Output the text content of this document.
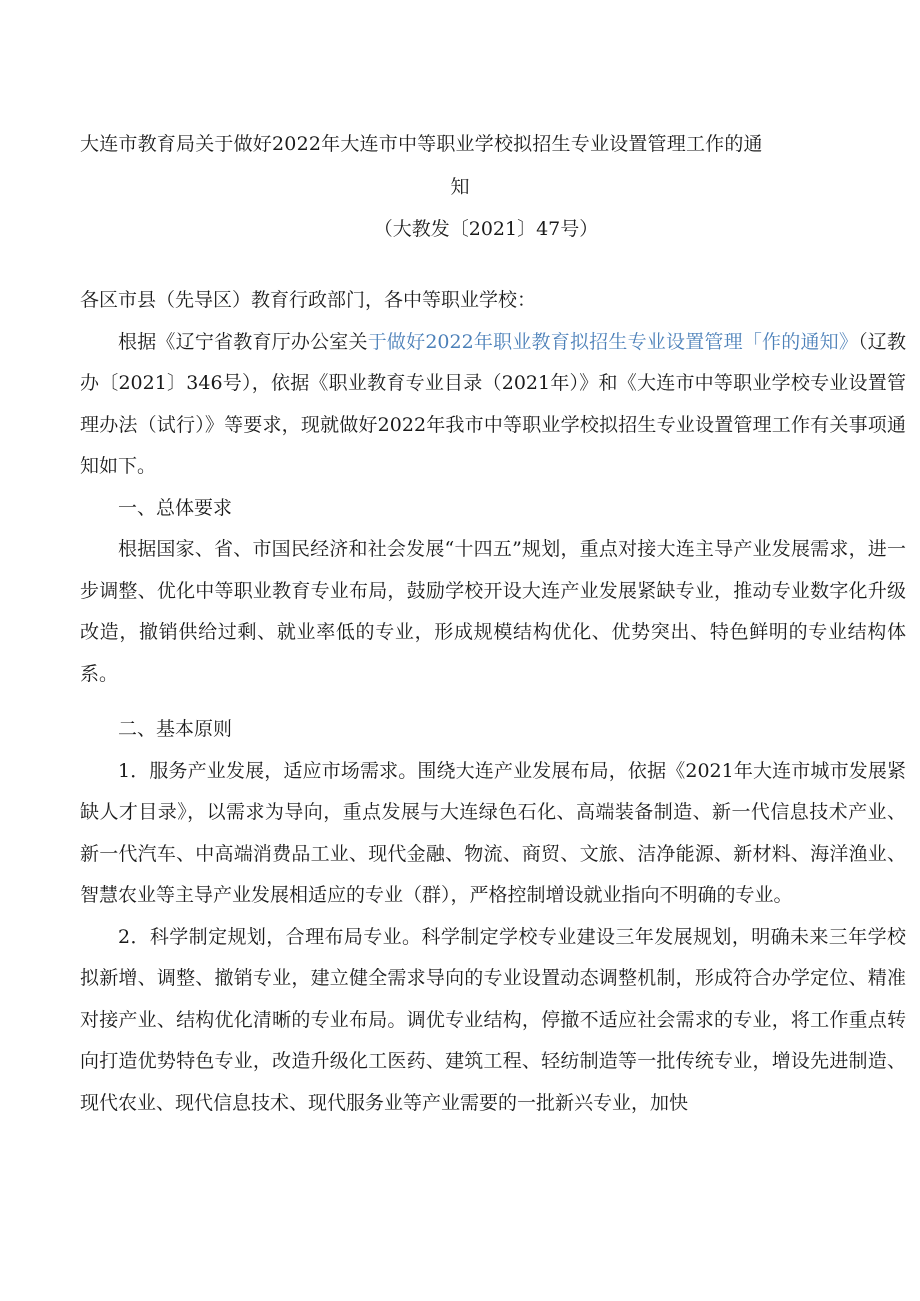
大连市教育局关于做好2022年大连市中等职业学校拟招生专业设置管理工作的通
知
（大教发〔2021〕47号）

各区市县（先导区）教育行政部门，各中等职业学校：

根据《辽宁省教育厅办公室关于做好2022年职业教育拟招生专业设置管理「作的通知》（辽教办〔2021〕346号），依据《职业教育专业目录（2021年）》和《大连市中等职业学校专业设置管理办法（试行）》等要求，现就做好2022年我市中等职业学校拟招生专业设置管理工作有关事项通知如下。

一、总体要求

根据国家、省、市国民经济和社会发展“十四五”规划，重点对接大连主导产业发展需求，进一步调整、优化中等职业教育专业布局，鼓励学校开设大连产业发展紧缺专业，推动专业数字化升级改造，撤销供给过剩、就业率低的专业，形成规模结构优化、优势突出、特色鲜明的专业结构体系。

二、基本原则

1．服务产业发展，适应市场需求。围绕大连产业发展布局，依据《2021年大连市城市发展紧缺人才目录》，以需求为导向，重点发展与大连绿色石化、高端装备制造、新一代信息技术产业、新一代汽车、中高端消费品工业、现代金融、物流、商贸、文旅、洁净能源、新材料、海洋渔业、智慧农业等主导产业发展相适应的专业（群），严格控制增设就业指向不明确的专业。

2．科学制定规划，合理布局专业。科学制定学校专业建设三年发展规划，明确未来三年学校拟新增、调整、撤销专业，建立健全需求导向的专业设置动态调整机制，形成符合办学定位、精准对接产业、结构优化清晰的专业布局。调优专业结构，停撤不适应社会需求的专业，将工作重点转向打造优势特色专业，改造升级化工医药、建筑工程、轻纺制造等一批传统专业，增设先进制造、现代农业、现代信息技术、现代服务业等产业需要的一批新兴专业，加快
